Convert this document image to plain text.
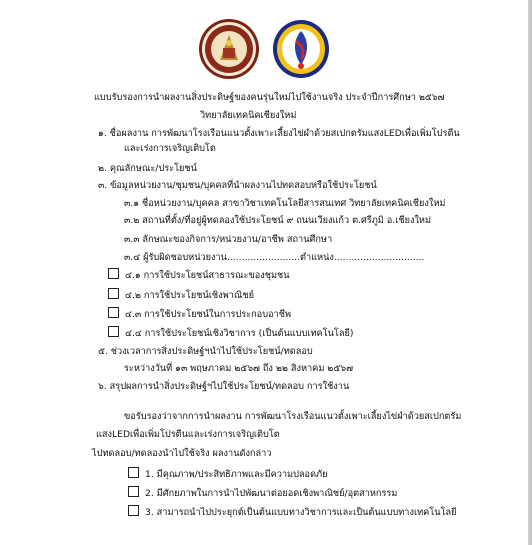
แบบรับรองการนำผลงานสิ่งประดิษฐ์ของคนรุ่นใหม่ไปใช้งานจริง ประจำปีการศึกษา ๒๕๖๗
วิทยาลัยเทคนิคเชียงใหม่
๑. ชื่อผลงาน การพัฒนาโรงเรือนแนวตั้งเพาะเลี้ยงไข่ผำด้วยสเปกตรัมแสงLEDเพื่อเพิ่มโปรตีน
และเร่งการเจริญเติบโต
๒. คุณลักษณะ/ประโยชน์
๓. ข้อมูลหน่วยงาน/ชุมชน/บุคคลที่นำผลงานไปทดสอบหรือใช้ประโยชน์
๓.๑ ชื่อหน่วยงาน/บุคคล สาขาวิชาเทคโนโลยีสารสนเทศ วิทยาลัยเทคนิคเชียงใหม่
๓.๒ สถานที่ตั้ง/ที่อยู่ผู้ทดลองใช้ประโยชน์ ๙ ถนนเวียงแก้ว ต.ศรีภูมิ อ.เชียงใหม่
๓.๓ ลักษณะของกิจการ/หน่วยงาน/อาชีพ สถานศึกษา
๓.๔ ผู้รับผิดชอบหน่วยงาน.........................ตำแหน่ง...............................
๔.๑ การใช้ประโยชน์สาธารณะของชุมชน
๔.๒ การใช้ประโยชน์เชิงพาณิชย์
๔.๓ การใช้ประโยชน์ในการประกอบอาชีพ
๔.๔ การใช้ประโยชน์เชิงวิชาการ (เป็นต้นแบบเทคโนโลยี)
๕. ช่วงเวลาการสิ่งประดิษฐ์ฯนำไปใช้ประโยชน์/ทดลอบ
ระหว่างวันที่ ๑๓ พฤษภาคม ๒๕๖๗ ถึง ๒๒ สิงหาคม ๒๕๖๗
๖. สรุปผลการนำสิ่งประดิษฐ์ฯไปใช้ประโยชน์/ทดลอบ การใช้งาน
ขอรับรองว่าจากการนำผลงาน การพัฒนาโรงเรือนแนวตั้งเพาะเลี้ยงไข่ผำด้วยสเปกตรัม
แสงLEDเพื่อเพิ่มโปรตีนและเร่งการเจริญเติบโต
ไปทดลอบ/ทดลองนำไปใช้จริง ผลงานดังกล่าว
1. มีคุณภาพ/ประสิทธิภาพและมีความปลอดภัย
2. มีศักยภาพในการนำไปพัฒนาต่อยอดเชิงพาณิชย์/อุตสาหกรรม
3. สามารถนำไปประยุกต์เป็นต้นแบบทางวิชาการและเป็นต้นแบบทางเทคโนโลยี
